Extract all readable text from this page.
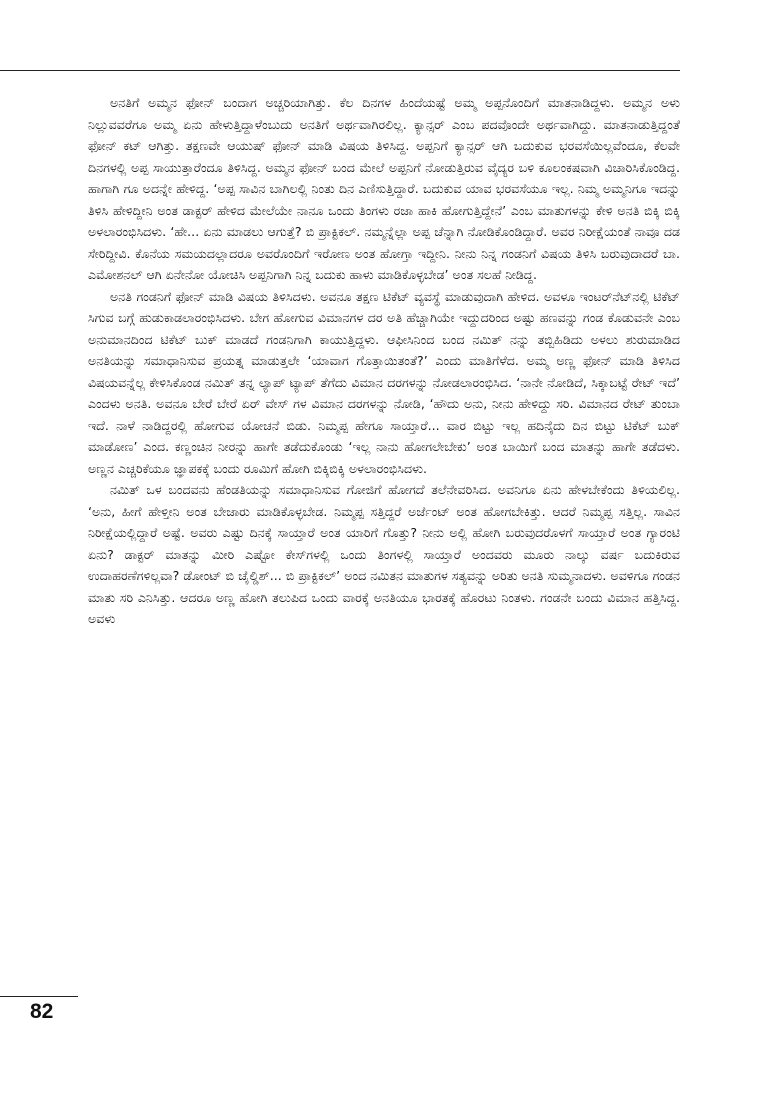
ಅನತಿಗೆ ಅಮ್ಮನ ಫೋನ್ ಬಂದಾಗ ಅಚ್ಚರಿಯಾಗಿತ್ತು. ಕೆಲ ದಿನಗಳ ಹಿಂದೆಯಷ್ಟೆ ಅಮ್ಮ ಅಪ್ಪನೊಂದಿಗೆ ಮಾತನಾಡಿದ್ದಳು. ಅಮ್ಮನ ಅಳು ನಿಲ್ಲುವವರೆಗೂ ಅಮ್ಮ ಏನು ಹೇಳುತ್ತಿದ್ದಾಳೆಂಬುದು ಅನತಿಗೆ ಅರ್ಥವಾಗಿರಲಿಲ್ಲ. ಕ್ಯಾನ್ಸರ್ ಎಂಬ ಪದವೊಂದೇ ಅರ್ಥವಾಗಿದ್ದು. ಮಾತನಾಡುತ್ತಿದ್ದಂತೆ ಫೋನ್ ಕಟ್ ಆಗಿತ್ತು. ತಕ್ಷಣವೇ ಆಯುಷ್ ಫೋನ್ ಮಾಡಿ ವಿಷಯ ತಿಳಿಸಿದ್ದ. ಅಪ್ಪನಿಗೆ ಕ್ಯಾನ್ಸರ್ ಆಗಿ ಬದುಕುವ ಭರವಸೆಯಿಲ್ಲವೆಂದೂ, ಕೆಲವೇ ದಿನಗಳಲ್ಲಿ ಅಪ್ಪ ಸಾಯುತ್ತಾರೆಂದೂ ತಿಳಿಸಿದ್ದ. ಅಮ್ಮನ ಫೋನ್ ಬಂದ ಮೇಲೆ ಅಪ್ಪನಿಗೆ ನೋಡುತ್ತಿರುವ ವೈದ್ಯರ ಬಳಿ ಕೂಲಂಕಷವಾಗಿ ವಿಚಾರಿಸಿಕೊಂಡಿದ್ದ. ಹಾಗಾಗಿ ಗೂ ಅದನ್ನೇ ಹೇಳಿದ್ದ. ‘ಅಪ್ಪ ಸಾವಿನ ಬಾಗಿಲಲ್ಲಿ ನಿಂತು ದಿನ ಎಣಿಸುತ್ತಿದ್ದಾರೆ. ಬದುಕುವ ಯಾವ ಭರವಸೆಯೂ ಇಲ್ಲ. ನಿಮ್ಮ ಅಮ್ಮನಿಗೂ ಇದನ್ನು ತಿಳಿಸಿ ಹೇಳಿದ್ದೀನಿ ಅಂತ ಡಾಕ್ಟರ್ ಹೇಳಿದ ಮೇಲೆಯೇ ನಾನೂ ಒಂದು ತಿಂಗಳು ರಜಾ ಹಾಕಿ ಹೋಗುತ್ತಿದ್ದೇನೆ’ ಎಂಬ ಮಾತುಗಳನ್ನು ಕೇಳಿ ಅನತಿ ಬಿಕ್ಕಿ ಬಿಕ್ಕಿ ಅಳಲಾರಂಭಿಸಿದಳು. ‘ಹೇ... ಏನು ಮಾಡಲು ಆಗುತ್ತೆ? ಬಿ ಪ್ರಾಕ್ಟಿಕಲ್. ನಮ್ಮನ್ನೆಲ್ಲಾ ಅಪ್ಪ ಚೆನ್ನಾಗಿ ನೋಡಿಕೊಂಡಿದ್ದಾರೆ. ಅವರ ನಿರೀಕ್ಷೆಯಂತೆ ನಾವೂ ದಡ ಸೇರಿದ್ದೀವಿ. ಕೊನೆಯ ಸಮಯದಲ್ಲಾದರೂ ಅವರೊಂದಿಗೆ ಇರೋಣ ಅಂತ ಹೋಗ್ತಾ ಇದ್ದೀನಿ. ನೀನು ನಿನ್ನ ಗಂಡನಿಗೆ ವಿಷಯ ತಿಳಿಸಿ ಬರುವುದಾದರೆ ಬಾ. ಎಮೋಶನಲ್ ಆಗಿ ಏನೇನೋ ಯೋಚಿಸಿ ಅಪ್ಪನಿಗಾಗಿ ನಿನ್ನ ಬದುಕು ಹಾಳು ಮಾಡಿಕೊಳ್ಳಬೇಡ’ ಅಂತ ಸಲಹೆ ನೀಡಿದ್ದ.

ಅನತಿ ಗಂಡನಿಗೆ ಫೋನ್ ಮಾಡಿ ವಿಷಯ ತಿಳಿಸಿದಳು. ಅವನೂ ತಕ್ಷಣ ಟಿಕೆಟ್ ವ್ಯವಸ್ಥೆ ಮಾಡುವುದಾಗಿ ಹೇಳಿದ. ಅವಳೂ ಇಂಟರ್‌ನೆಟ್‌ನಲ್ಲಿ ಟಿಕೆಟ್ ಸಿಗುವ ಬಗ್ಗೆ ಹುಡುಕಾಡಲಾರಂಭಿಸಿದಳು. ಬೇಗ ಹೋಗುವ ವಿಮಾನಗಳ ದರ ಅತಿ ಹೆಚ್ಚಾಗಿಯೇ ಇದ್ದುದರಿಂದ ಅಷ್ಟು ಹಣವನ್ನು ಗಂಡ ಕೊಡುವನೇ ಎಂಬ ಅನುಮಾನದಿಂದ ಟಿಕೆಟ್ ಬುಕ್ ಮಾಡದೆ ಗಂಡನಿಗಾಗಿ ಕಾಯುತ್ತಿದ್ದಳು. ಆಫೀಸಿನಿಂದ ಬಂದ ನಮಿತ್ ನನ್ನು ತಬ್ಬಿಹಿಡಿದು ಅಳಲು ಶುರುಮಾಡಿದ ಅನತಿಯನ್ನು ಸಮಾಧಾನಿಸುವ ಪ್ರಯತ್ನ ಮಾಡುತ್ತಲೇ ‘ಯಾವಾಗ ಗೊತ್ತಾಯಿತಂತೆ?’ ಎಂದು ಮಾತಿಗೆಳೆದ. ಅಮ್ಮ ಅಣ್ಣ ಫೋನ್ ಮಾಡಿ ತಿಳಿಸಿದ ವಿಷಯವನ್ನೆಲ್ಲ ಕೇಳಿಸಿಕೊಂಡ ನಮಿತ್ ತನ್ನ ಲ್ಯಾಪ್ ಟ್ಯಾಪ್ ತೆಗೆದು ವಿಮಾನ ದರಗಳನ್ನು ನೋಡಲಾರಂಭಿಸಿದ. ‘ನಾನೇ ನೋಡಿದೆ, ಸಿಕ್ಕಾಬಟ್ಟೆ ರೇಟ್ ಇದೆ’ ಎಂದಳು ಅನತಿ. ಅವನೂ ಬೇರೆ ಬೇರೆ ಏರ್ ವೇಸ್ ಗಳ ವಿಮಾನ ದರಗಳನ್ನು ನೋಡಿ, ‘ಹೌದು ಅನು, ನೀನು ಹೇಳಿದ್ದು ಸರಿ. ವಿಮಾನದ ರೇಟ್ ತುಂಬಾ ಇದೆ. ನಾಳೆ ನಾಡಿದ್ದರಲ್ಲಿ ಹೋಗುವ ಯೋಚನೆ ಬಿಡು. ನಿಮ್ಮಪ್ಪ ಹೇಗೂ ಸಾಯ್ತಾರೆ... ವಾರ ಬಿಟ್ಟು ಇಲ್ಲ ಹದಿನೈದು ದಿನ ಬಿಟ್ಟು ಟಿಕೆಟ್ ಬುಕ್ ಮಾಡೋಣ’ ಎಂದ. ಕಣ್ಣಂಚಿನ ನೀರನ್ನು ಹಾಗೇ ತಡೆದುಕೊಂಡು ‘ಇಲ್ಲ ನಾನು ಹೋಗಲೇಬೇಕು’ ಅಂತ ಬಾಯಿಗೆ ಬಂದ ಮಾತನ್ನು ಹಾಗೇ ತಡೆದಳು. ಅಣ್ಣನ ಎಚ್ಚರಿಕೆಯೂ ಜ್ಞಾಪಕಕ್ಕೆ ಬಂದು ರೂಮಿಗೆ ಹೋಗಿ ಬಿಕ್ಕಿಬಿಕ್ಕಿ ಅಳಲಾರಂಭಿಸಿದಳು.

ನಮಿತ್ ಒಳ ಬಂದವನು ಹೆಂಡತಿಯನ್ನು ಸಮಾಧಾನಿಸುವ ಗೋಜಿಗೆ ಹೋಗದೆ ತಲೆನೇವರಿಸಿದ. ಅವನಿಗೂ ಏನು ಹೇಳಬೇಕೆಂದು ತಿಳಿಯಲಿಲ್ಲ. ‘ಅನು, ಹೀಗೆ ಹೇಳ್ತೀನಿ ಅಂತ ಬೇಜಾರು ಮಾಡಿಕೊಳ್ಳಬೇಡ. ನಿಮ್ಮಪ್ಪ ಸತ್ತಿದ್ದರೆ ಅರ್ಜೆಂಟ್ ಅಂತ ಹೋಗಬೇಕಿತ್ತು. ಆದರೆ ನಿಮ್ಮಪ್ಪ ಸತ್ತಿಲ್ಲ. ಸಾವಿನ ನಿರೀಕ್ಷೆಯಲ್ಲಿದ್ದಾರೆ ಅಷ್ಟೆ. ಅವರು ಎಷ್ಟು ದಿನಕ್ಕೆ ಸಾಯ್ತಾರೆ ಅಂತ ಯಾರಿಗೆ ಗೊತ್ತು? ನೀನು ಅಲ್ಲಿ ಹೋಗಿ ಬರುವುದರೊಳಗೆ ಸಾಯ್ತಾರೆ ಅಂತ ಗ್ಯಾರಂಟಿ ಏನು? ಡಾಕ್ಟರ್ ಮಾತನ್ನು ಮೀರಿ ಎಷ್ಟೋ ಕೇಸ್‌ಗಳಲ್ಲಿ ಒಂದು ತಿಂಗಳಲ್ಲಿ ಸಾಯ್ತಾರೆ ಅಂದವರು ಮೂರು ನಾಲ್ಕು ವರ್ಷ ಬದುಕಿರುವ ಉದಾಹರಣೆಗಳಿಲ್ಲವಾ? ಡೋಂಟ್ ಬಿ ಚೈಲ್ಡಿಶ್... ಬಿ ಪ್ರಾಕ್ಟಿಕಲ್’ ಅಂದ ನಮಿತನ ಮಾತುಗಳ ಸತ್ಯವನ್ನು ಅರಿತು ಅನತಿ ಸುಮ್ಮನಾದಳು. ಅವಳಿಗೂ ಗಂಡನ ಮಾತು ಸರಿ ಎನಿಸಿತ್ತು. ಆದರೂ ಅಣ್ಣ ಹೋಗಿ ತಲುಪಿದ ಒಂದು ವಾರಕ್ಕೆ ಅನತಿಯೂ ಭಾರತಕ್ಕೆ ಹೊರಟು ನಿಂತಳು. ಗಂಡನೇ ಬಂದು ವಿಮಾನ ಹತ್ತಿಸಿದ್ದ. ಅವಳು

82
